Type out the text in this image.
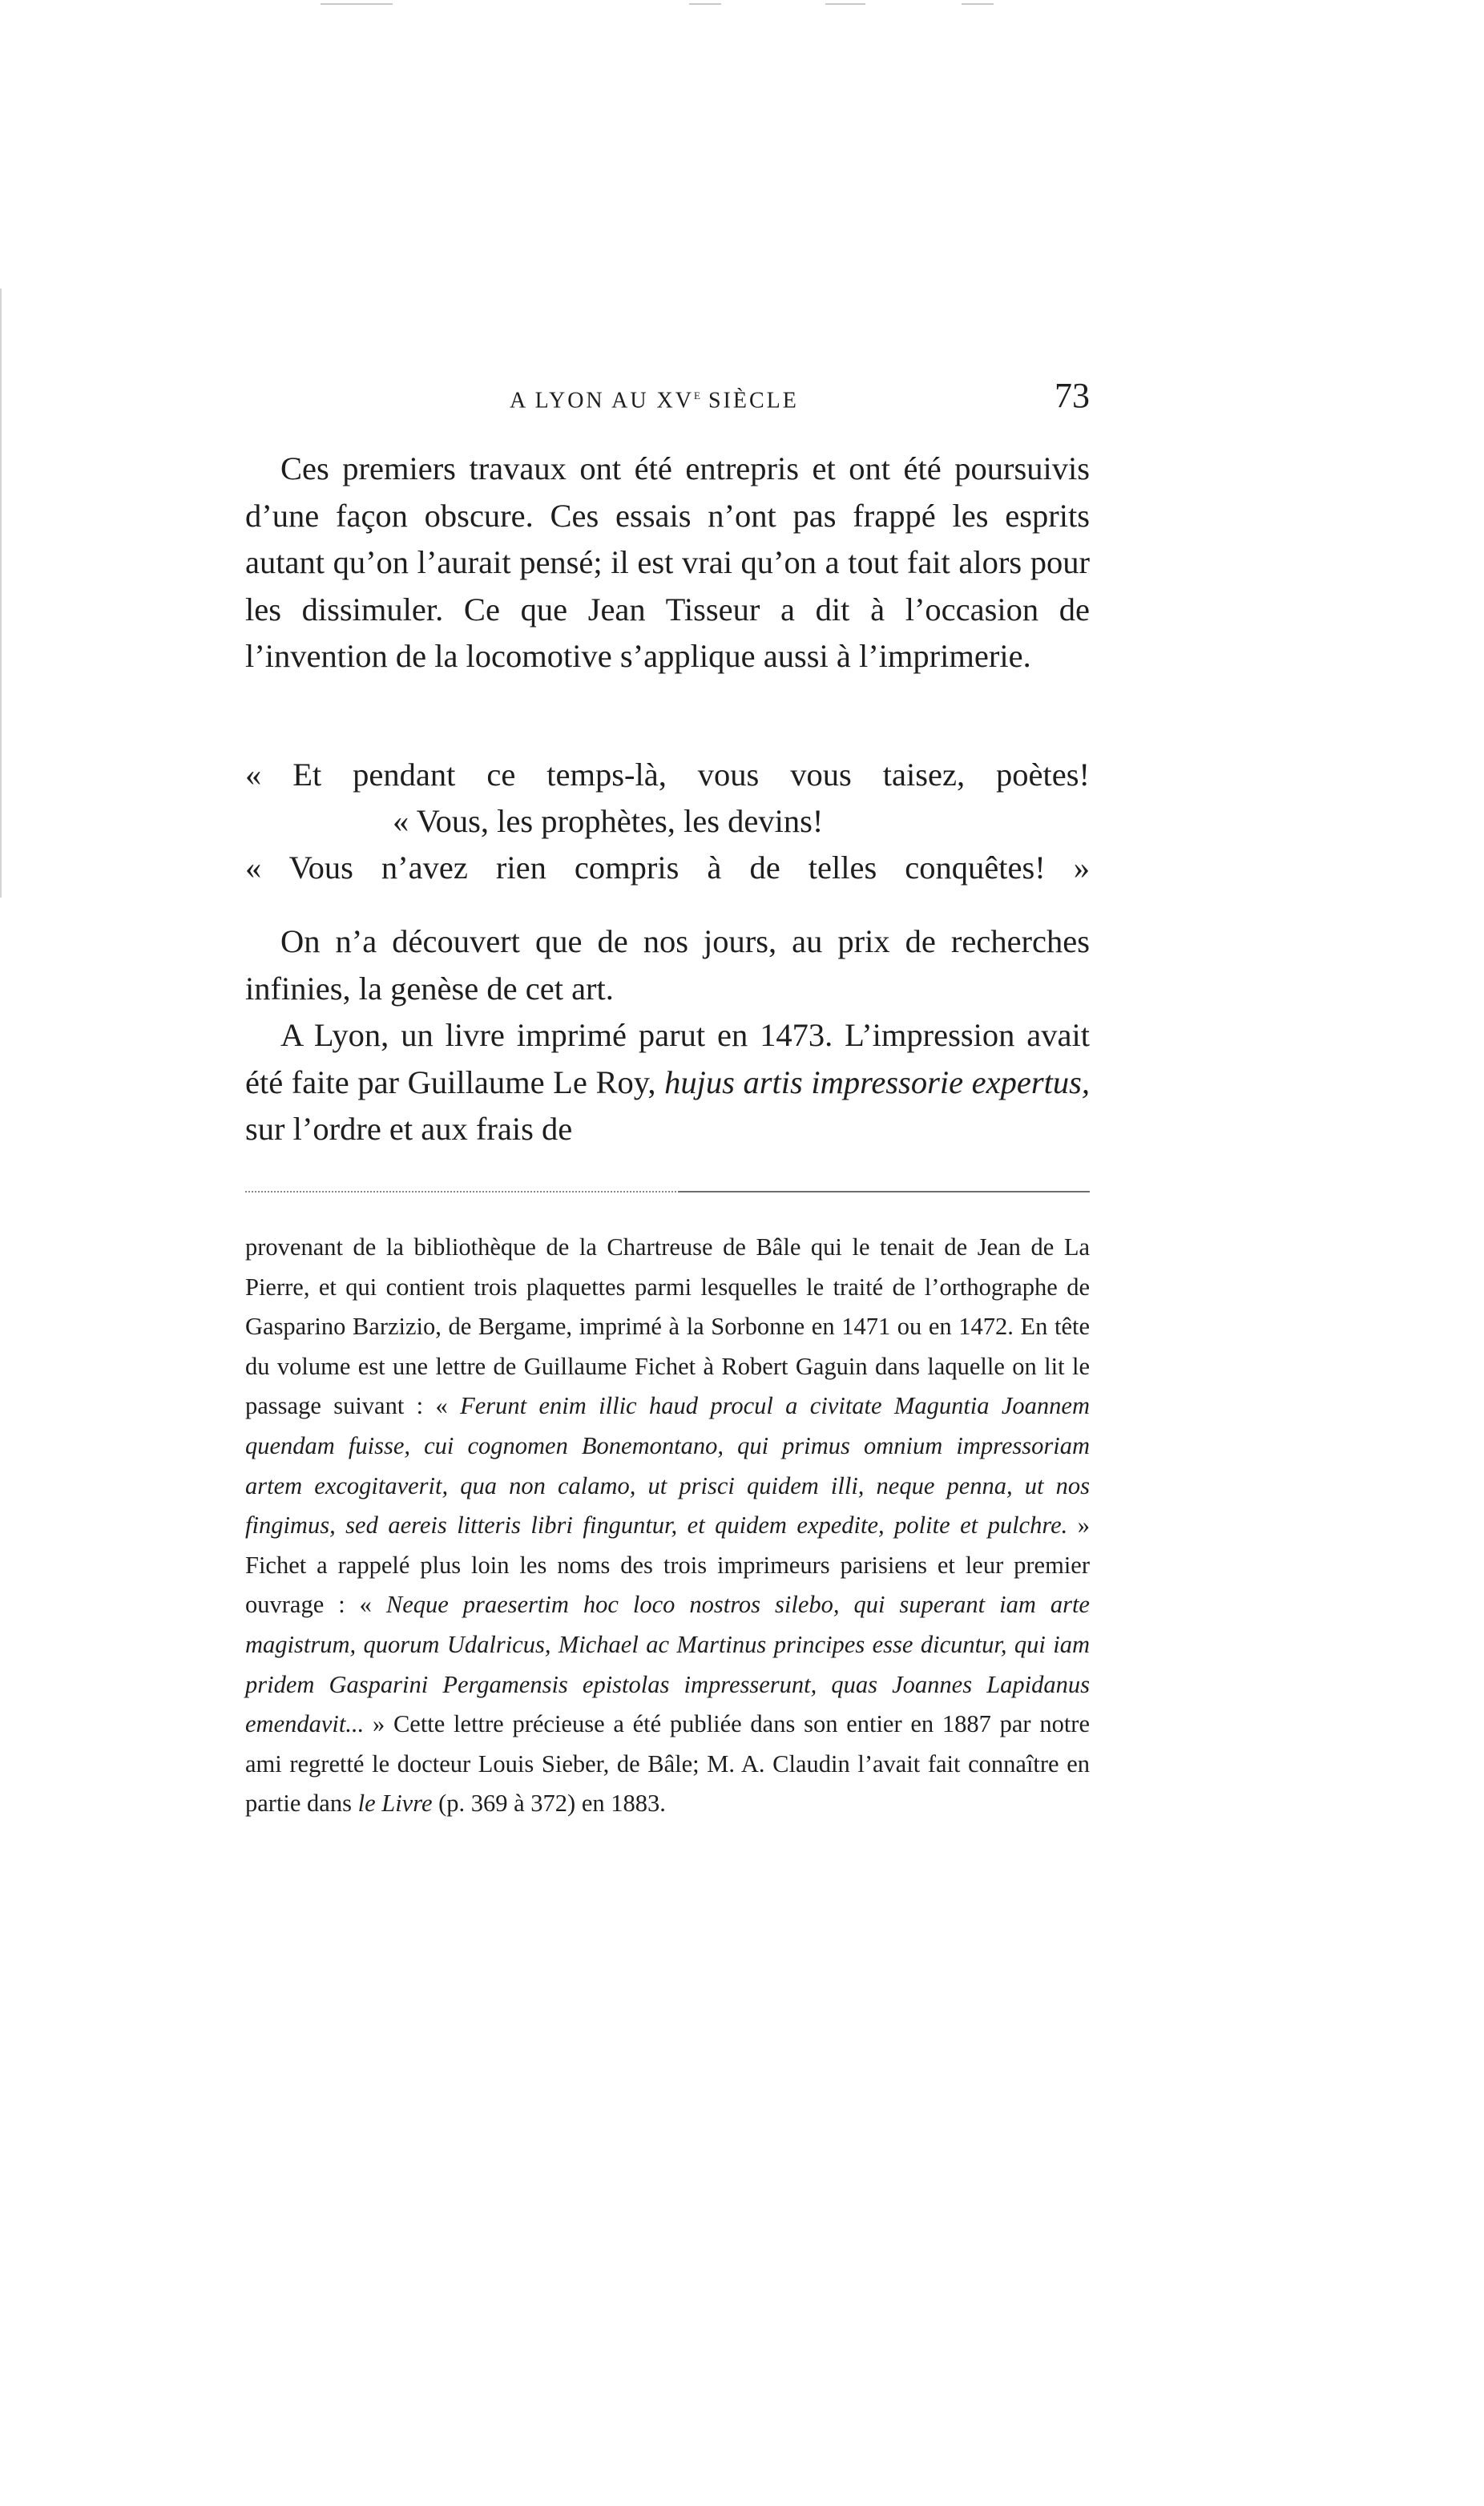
A LYON AU XVe SIÈCLE	73

Ces premiers travaux ont été entrepris et ont été poursuivis d’une façon obscure. Ces essais n’ont pas frappé les esprits autant qu’on l’aurait pensé; il est vrai qu’on a tout fait alors pour les dissimuler. Ce que Jean Tisseur a dit à l’occasion de l’invention de la locomotive s’applique aussi à l’imprimerie.

« Et pendant ce temps-là, vous vous taisez, poètes!
« Vous, les prophètes, les devins!
« Vous n’avez rien compris à de telles conquêtes! »

On n’a découvert que de nos jours, au prix de recherches infinies, la genèse de cet art.

A Lyon, un livre imprimé parut en 1473. L’impression avait été faite par Guillaume Le Roy, hujus artis impressorie expertus, sur l’ordre et aux frais de

provenant de la bibliothèque de la Chartreuse de Bâle qui le tenait de Jean de La Pierre, et qui contient trois plaquettes parmi lesquelles le traité de l’orthographe de Gasparino Barzizio, de Bergame, imprimé à la Sorbonne en 1471 ou en 1472. En tête du volume est une lettre de Guillaume Fichet à Robert Gaguin dans laquelle on lit le passage suivant : « Ferunt enim illic haud procul a civitate Maguntia Joannem quendam fuisse, cui cognomen Bonemontano, qui primus omnium impressoriam artem excogitaverit, qua non calamo, ut prisci quidem illi, neque penna, ut nos fingimus, sed aereis litteris libri finguntur, et quidem expedite, polite et pulchre. » Fichet a rappelé plus loin les noms des trois imprimeurs parisiens et leur premier ouvrage : « Neque praesertim hoc loco nostros silebo, qui superant iam arte magistrum, quorum Udalricus, Michael ac Martinus principes esse dicuntur, qui iam pridem Gasparini Pergamensis epistolas impresserunt, quas Joannes Lapidanus emendavit... » Cette lettre précieuse a été publiée dans son entier en 1887 par notre ami regretté le docteur Louis Sieber, de Bâle; M. A. Claudin l’avait fait connaître en partie dans le Livre (p. 369 à 372) en 1883.
